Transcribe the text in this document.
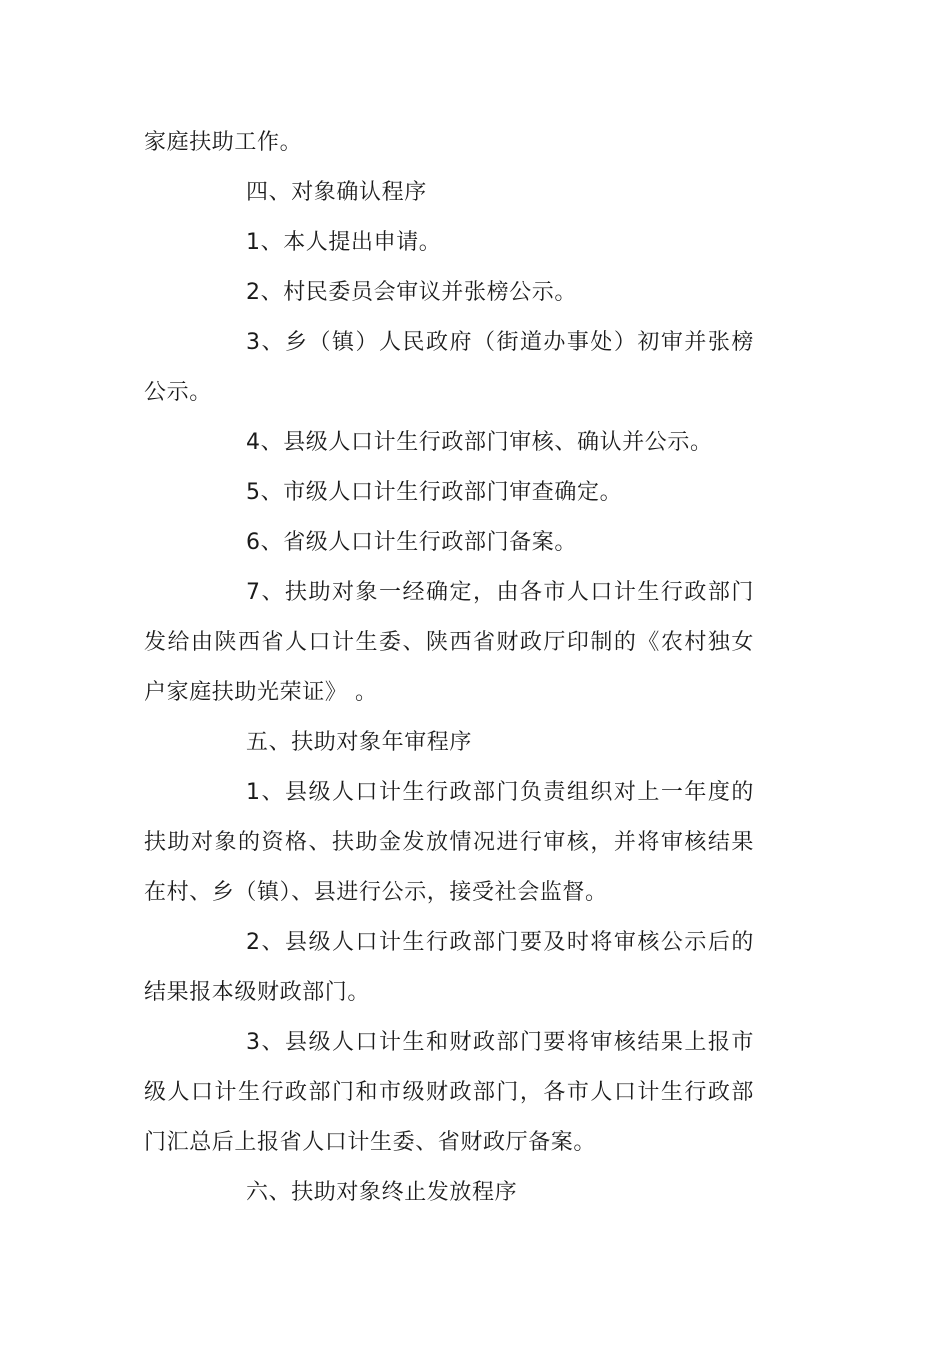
家庭扶助工作。

四、对象确认程序

1、本人提出申请。

2、村民委员会审议并张榜公示。

3、乡（镇）人民政府（街道办事处）初审并张榜公示。

4、县级人口计生行政部门审核、确认并公示。

5、市级人口计生行政部门审查确定。

6、省级人口计生行政部门备案。

7、扶助对象一经确定，由各市人口计生行政部门发给由陕西省人口计生委、陕西省财政厅印制的《农村独女户家庭扶助光荣证》 。

五、扶助对象年审程序

1、县级人口计生行政部门负责组织对上一年度的扶助对象的资格、扶助金发放情况进行审核，并将审核结果在村、乡（镇）、县进行公示，接受社会监督。

2、县级人口计生行政部门要及时将审核公示后的结果报本级财政部门。

3、县级人口计生和财政部门要将审核结果上报市级人口计生行政部门和市级财政部门，各市人口计生行政部门汇总后上报省人口计生委、省财政厅备案。

六、扶助对象终止发放程序
